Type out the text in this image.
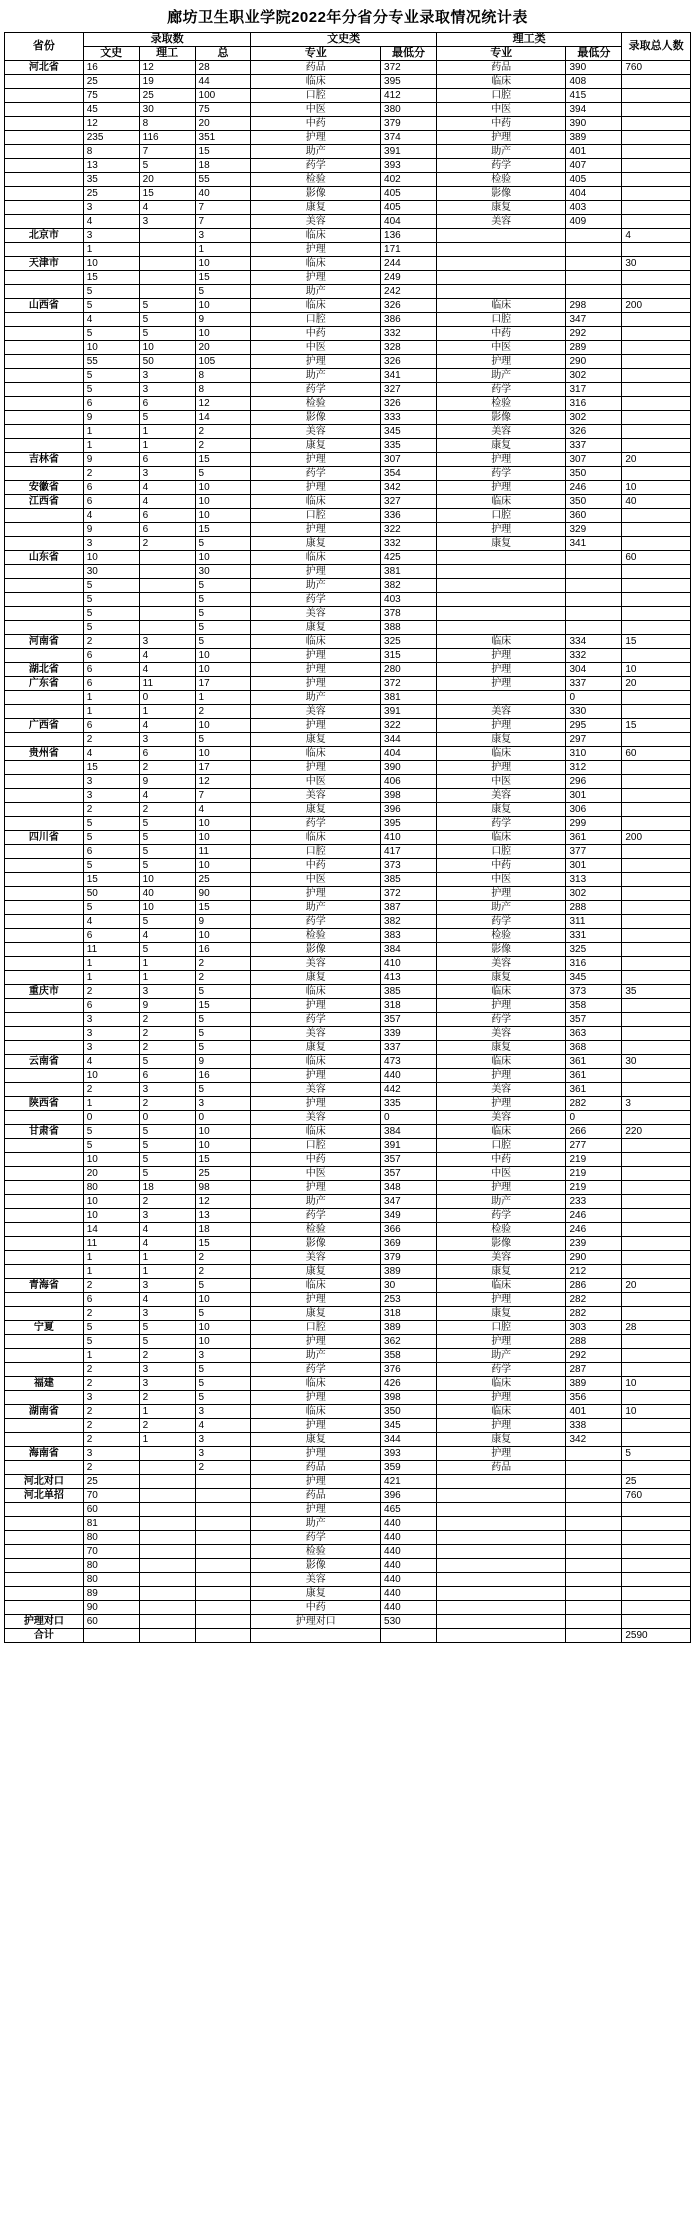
廊坊卫生职业学院2022年分省分专业录取情况统计表
省份	录取数			文史类		理工类		录取总人数
	文史	理工	总	专业	最低分	专业	最低分	
河北省	16	12	28	药品	372	药品	390	760
	25	19	44	临床	395	临床	408	
	75	25	100	口腔	412	口腔	415	
	45	30	75	中医	380	中医	394	
	12	8	20	中药	379	中药	390	
	235	116	351	护理	374	护理	389	
	8	7	15	助产	391	助产	401	
	13	5	18	药学	393	药学	407	
	35	20	55	检验	402	检验	405	
	25	15	40	影像	405	影像	404	
	3	4	7	康复	405	康复	403	
	4	3	7	美容	404	美容	409	
北京市	3		3	临床	136			4
	1		1	护理	171			
天津市	10		10	临床	244			30
	15		15	护理	249			
	5		5	助产	242			
山西省	5	5	10	临床	326	临床	298	200
	4	5	9	口腔	386	口腔	347	
	5	5	10	中药	332	中药	292	
	10	10	20	中医	328	中医	289	
	55	50	105	护理	326	护理	290	
	5	3	8	助产	341	助产	302	
	5	3	8	药学	327	药学	317	
	6	6	12	检验	326	检验	316	
	9	5	14	影像	333	影像	302	
	1	1	2	美容	345	美容	326	
	1	1	2	康复	335	康复	337	
吉林省	9	6	15	护理	307	护理	307	20
	2	3	5	药学	354	药学	350	
安徽省	6	4	10	护理	342	护理	246	10
江西省	6	4	10	临床	327	临床	350	40
	4	6	10	口腔	336	口腔	360	
	9	6	15	护理	322	护理	329	
	3	2	5	康复	332	康复	341	
山东省	10		10	临床	425			60
	30		30	护理	381			
	5		5	助产	382			
	5		5	药学	403			
	5		5	美容	378			
	5		5	康复	388			
河南省	2	3	5	临床	325	临床	334	15
	6	4	10	护理	315	护理	332	
湖北省	6	4	10	护理	280	护理	304	10
广东省	6	11	17	护理	372	护理	337	20
	1	0	1	助产	381		0	
	1	1	2	美容	391	美容	330	
广西省	6	4	10	护理	322	护理	295	15
	2	3	5	康复	344	康复	297	
贵州省	4	6	10	临床	404	临床	310	60
	15	2	17	护理	390	护理	312	
	3	9	12	中医	406	中医	296	
	3	4	7	美容	398	美容	301	
	2	2	4	康复	396	康复	306	
	5	5	10	药学	395	药学	299	
四川省	5	5	10	临床	410	临床	361	200
	6	5	11	口腔	417	口腔	377	
	5	5	10	中药	373	中药	301	
	15	10	25	中医	385	中医	313	
	50	40	90	护理	372	护理	302	
	5	10	15	助产	387	助产	288	
	4	5	9	药学	382	药学	311	
	6	4	10	检验	383	检验	331	
	11	5	16	影像	384	影像	325	
	1	1	2	美容	410	美容	316	
	1	1	2	康复	413	康复	345	
重庆市	2	3	5	临床	385	临床	373	35
	6	9	15	护理	318	护理	358	
	3	2	5	药学	357	药学	357	
	3	2	5	美容	339	美容	363	
	3	2	5	康复	337	康复	368	
云南省	4	5	9	临床	473	临床	361	30
	10	6	16	护理	440	护理	361	
	2	3	5	美容	442	美容	361	
陕西省	1	2	3	护理	335	护理	282	3
	0	0	0	美容	0	美容	0	
甘肃省	5	5	10	临床	384	临床	266	220
	5	5	10	口腔	391	口腔	277	
	10	5	15	中药	357	中药	219	
	20	5	25	中医	357	中医	219	
	80	18	98	护理	348	护理	219	
	10	2	12	助产	347	助产	233	
	10	3	13	药学	349	药学	246	
	14	4	18	检验	366	检验	246	
	11	4	15	影像	369	影像	239	
	1	1	2	美容	379	美容	290	
	1	1	2	康复	389	康复	212	
青海省	2	3	5	临床	30	临床	286	20
	6	4	10	护理	253	护理	282	
	2	3	5	康复	318	康复	282	
宁夏	5	5	10	口腔	389	口腔	303	28
	5	5	10	护理	362	护理	288	
	1	2	3	助产	358	助产	292	
	2	3	5	药学	376	药学	287	
福建	2	3	5	临床	426	临床	389	10
	3	2	5	护理	398	护理	356	
湖南省	2	1	3	临床	350	临床	401	10
	2	2	4	护理	345	护理	338	
	2	1	3	康复	344	康复	342	
海南省	3		3	护理	393	护理		5
	2		2	药品	359	药品		
河北对口	25			护理	421			25
河北单招	70			药品	396			760
	60			护理	465			
	81			助产	440			
	80			药学	440			
	70			检验	440			
	80			影像	440			
	80			美容	440			
	89			康复	440			
	90			中药	440			
护理对口	60			护理对口	530			
合计								2590
